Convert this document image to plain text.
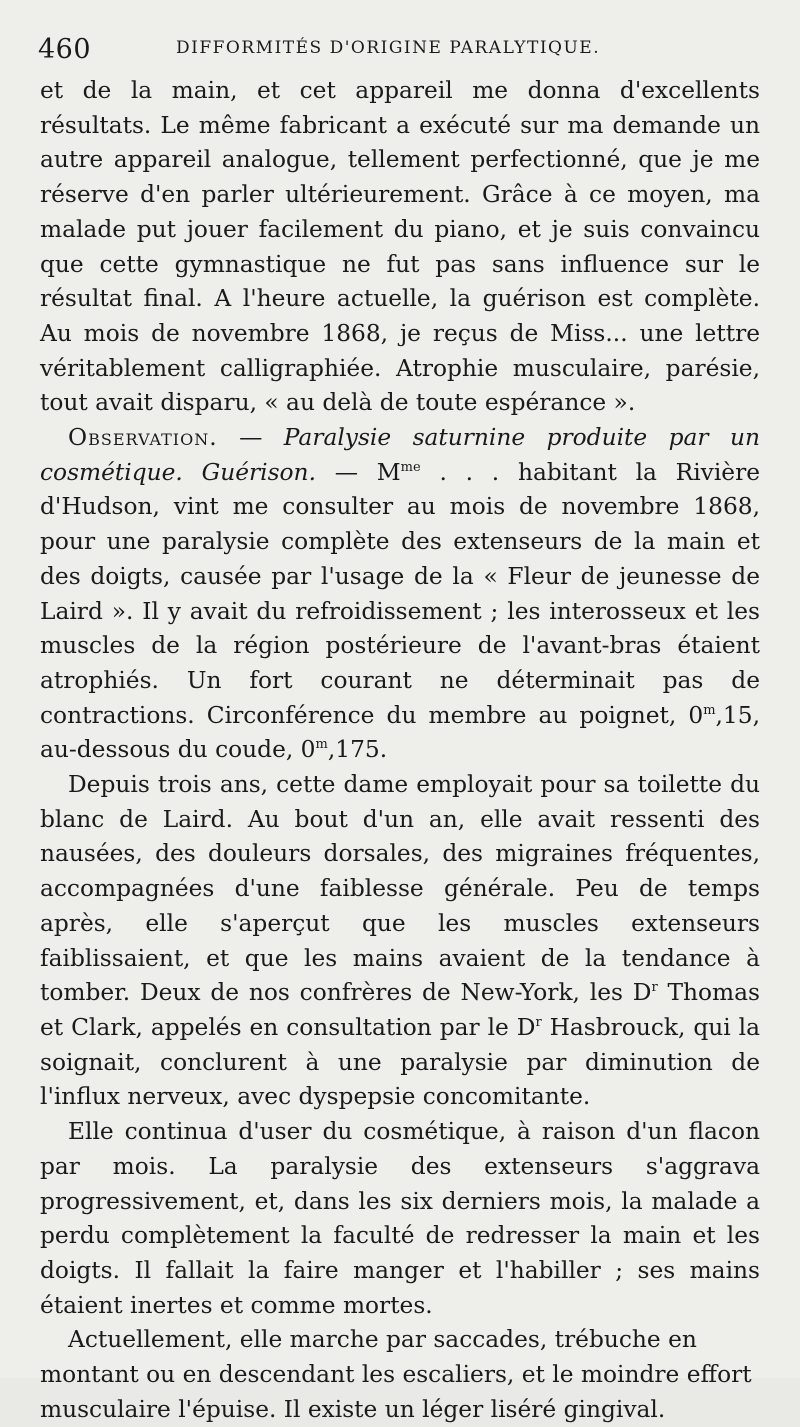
460	DIFFORMITÉS D'ORIGINE PARALYTIQUE.

et de la main, et cet appareil me donna d'excellents résultats. Le même fabricant a exécuté sur ma demande un autre appareil analogue, tellement perfectionné, que je me réserve d'en parler ultérieurement. Grâce à ce moyen, ma malade put jouer facilement du piano, et je suis convaincu que cette gymnastique ne fut pas sans influence sur le résultat final. A l'heure actuelle, la guérison est complète. Au mois de novembre 1868, je reçus de Miss... une lettre véritablement calligraphiée. Atrophie musculaire, parésie, tout avait disparu, « au delà de toute espérance ».

Observation. — Paralysie saturnine produite par un cosmétique. Guérison. — $M^{me}$ . . . habitant la Rivière d'Hudson, vint me consulter au mois de novembre 1868, pour une paralysie complète des extenseurs de la main et des doigts, causée par l'usage de la « Fleur de jeunesse de Laird ». Il y avait du refroidissement ; les interosseux et les muscles de la région postérieure de l'avant-bras étaient atrophiés. Un fort courant ne déterminait pas de contractions. Circonférence du membre au poignet, 0$^m$,15, au-dessous du coude, 0$^m$,175.

Depuis trois ans, cette dame employait pour sa toilette du blanc de Laird. Au bout d'un an, elle avait ressenti des nausées, des douleurs dorsales, des migraines fréquentes, accompagnées d'une faiblesse générale. Peu de temps après, elle s'aperçut que les muscles extenseurs faiblissaient, et que les mains avaient de la tendance à tomber. Deux de nos confrères de New-York, les $D^r$ Thomas et Clark, appelés en consultation par le $D^r$ Hasbrouck, qui la soignait, conclurent à une paralysie par diminution de l'influx nerveux, avec dyspepsie concomitante.

Elle continua d'user du cosmétique, à raison d'un flacon par mois. La paralysie des extenseurs s'aggrava progressivement, et, dans les six derniers mois, la malade a perdu complètement la faculté de redresser la main et les doigts. Il fallait la faire manger et l'habiller ; ses mains étaient inertes et comme mortes.

Actuellement, elle marche par saccades, trébuche en montant ou en descendant les escaliers, et le moindre effort musculaire l'épuise. Il existe un léger liséré gingival.
